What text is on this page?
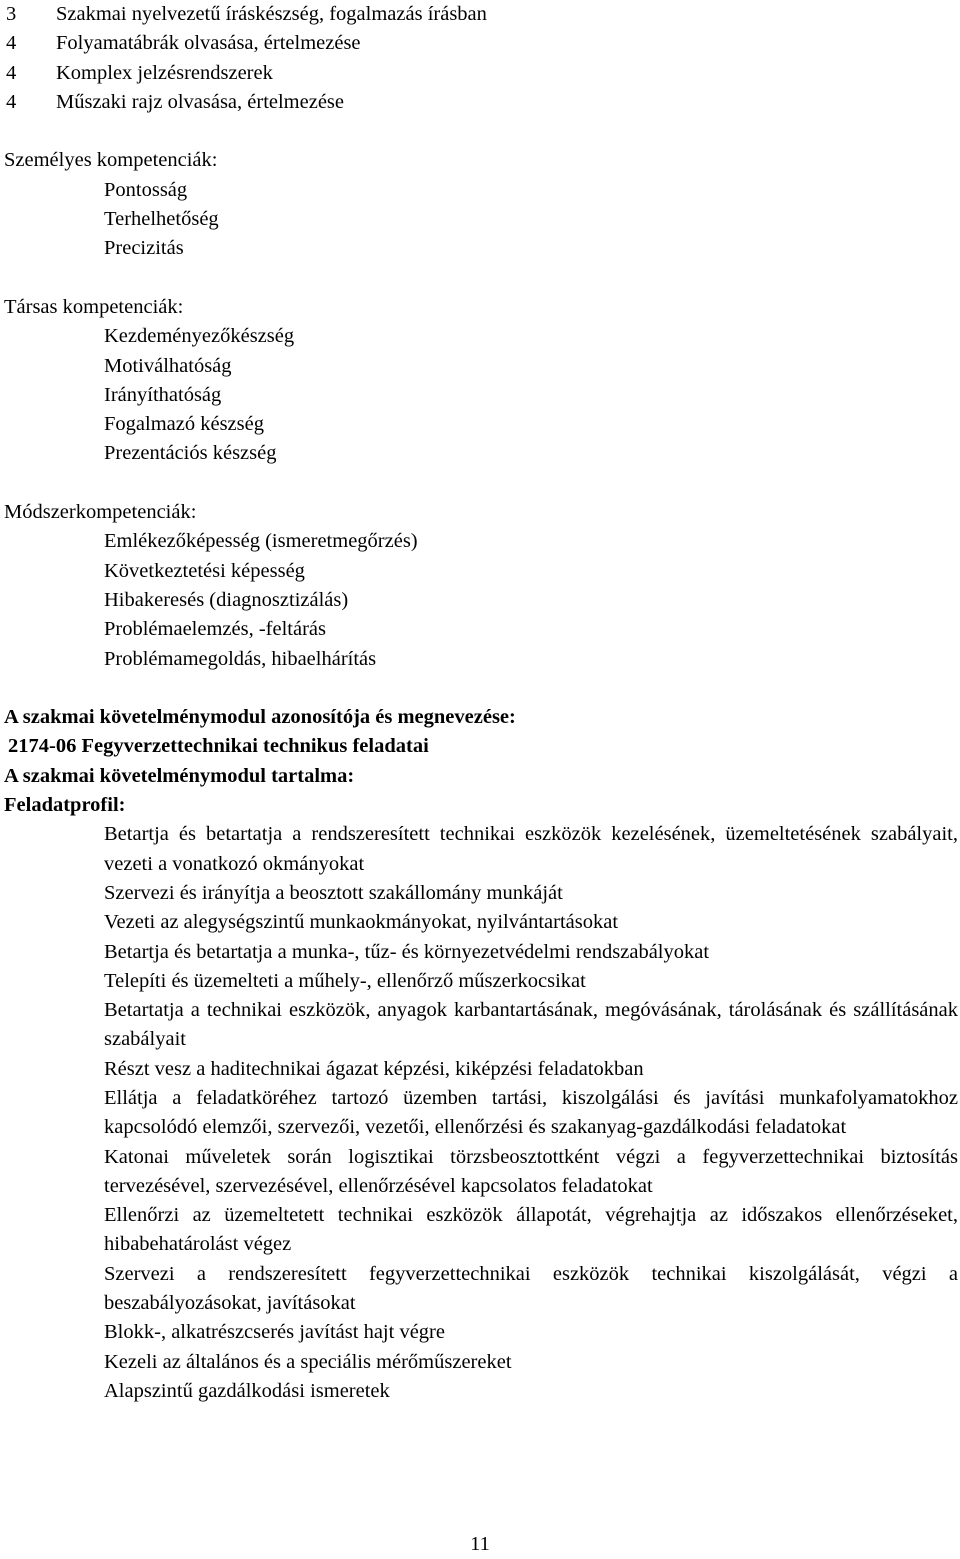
3	Szakmai nyelvezetű íráskészség, fogalmazás írásban
4	Folyamatábrák olvasása, értelmezése
4	Komplex jelzésrendszerek
4	Műszaki rajz olvasása, értelmezése
Személyes kompetenciák:
Pontosság
Terhelhetőség
Precizitás
Társas kompetenciák:
Kezdeményezőkészség
Motiválhatóság
Irányíthatóság
Fogalmazó készség
Prezentációs készség
Módszerkompetenciák:
Emlékezőképesség (ismeretmegőrzés)
Következtetési képesség
Hibakeresés (diagnosztizálás)
Problémaelemzés, -feltárás
Problémamegoldás, hibaelhárítás
A szakmai követelménymodul azonosítója és megnevezése:
2174-06 Fegyverzettechnikai technikus feladatai
A szakmai követelménymodul tartalma:
Feladatprofil:
Betartja és betartatja a rendszeresített technikai eszközök kezelésének, üzemeltetésének szabályait, vezeti a vonatkozó okmányokat
Szervezi és irányítja a beosztott szakállomány munkáját
Vezeti az alegységszintű munkaokmányokat, nyilvántartásokat
Betartja és betartatja a munka-, tűz- és környezetvédelmi rendszabályokat
Telepíti és üzemelteti a műhely-, ellenőrző műszerkocsikat
Betartatja a technikai eszközök, anyagok karbantartásának, megóvásának, tárolásának és szállításának szabályait
Részt vesz a haditechnikai ágazat képzési, kiképzési feladatokban
Ellátja a feladatköréhez tartozó üzemben tartási, kiszolgálási és javítási munkafolyamatokhoz kapcsolódó elemzői, szervezői, vezetői, ellenőrzési és szakanyag-gazdálkodási feladatokat
Katonai műveletek során logisztikai törzsbeosztottként végzi a fegyverzettechnikai biztosítás tervezésével, szervezésével, ellenőrzésével kapcsolatos feladatokat
Ellenőrzi az üzemeltetett technikai eszközök állapotát, végrehajtja az időszakos ellenőrzéseket, hibabehatárolást végez
Szervezi a rendszeresített fegyverzettechnikai eszközök technikai kiszolgálását, végzi a beszabályozásokat, javításokat
Blokk-, alkatrészcserés javítást hajt végre
Kezeli az általános és a speciális mérőműszereket
Alapszintű gazdálkodási ismeretek
11
